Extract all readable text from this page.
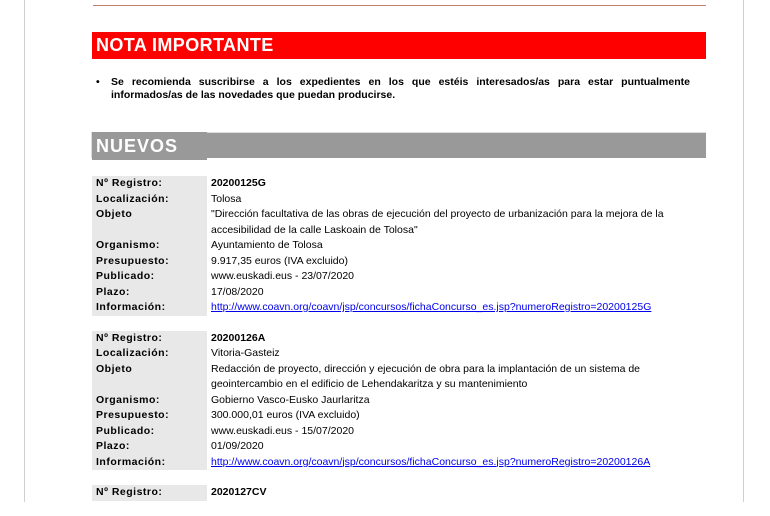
NOTA IMPORTANTE
• Se recomienda suscribirse a los expedientes en los que estéis interesados/as para estar puntualmente informados/as de las novedades que puedan producirse.
NUEVOS
Nº Registro:	20200125G
Localización:	Tolosa
Objeto	"Dirección facultativa de las obras de ejecución del proyecto de urbanización para la mejora de la accesibilidad de la calle Laskoain de Tolosa"
Organismo:	Ayuntamiento de Tolosa
Presupuesto:	9.917,35 euros (IVA excluido)
Publicado:	www.euskadi.eus - 23/07/2020
Plazo:	17/08/2020
Información:	http://www.coavn.org/coavn/jsp/concursos/fichaConcurso_es.jsp?numeroRegistro=20200125G
Nº Registro:	20200126A
Localización:	Vitoria-Gasteiz
Objeto	Redacción de proyecto, dirección y ejecución de obra para la implantación de un sistema de geointercambio en el edificio de Lehendakaritza y su mantenimiento
Organismo:	Gobierno Vasco-Eusko Jaurlaritza
Presupuesto:	300.000,01 euros (IVA excluido)
Publicado:	www.euskadi.eus - 15/07/2020
Plazo:	01/09/2020
Información:	http://www.coavn.org/coavn/jsp/concursos/fichaConcurso_es.jsp?numeroRegistro=20200126A
Nº Registro:	2020127CV
